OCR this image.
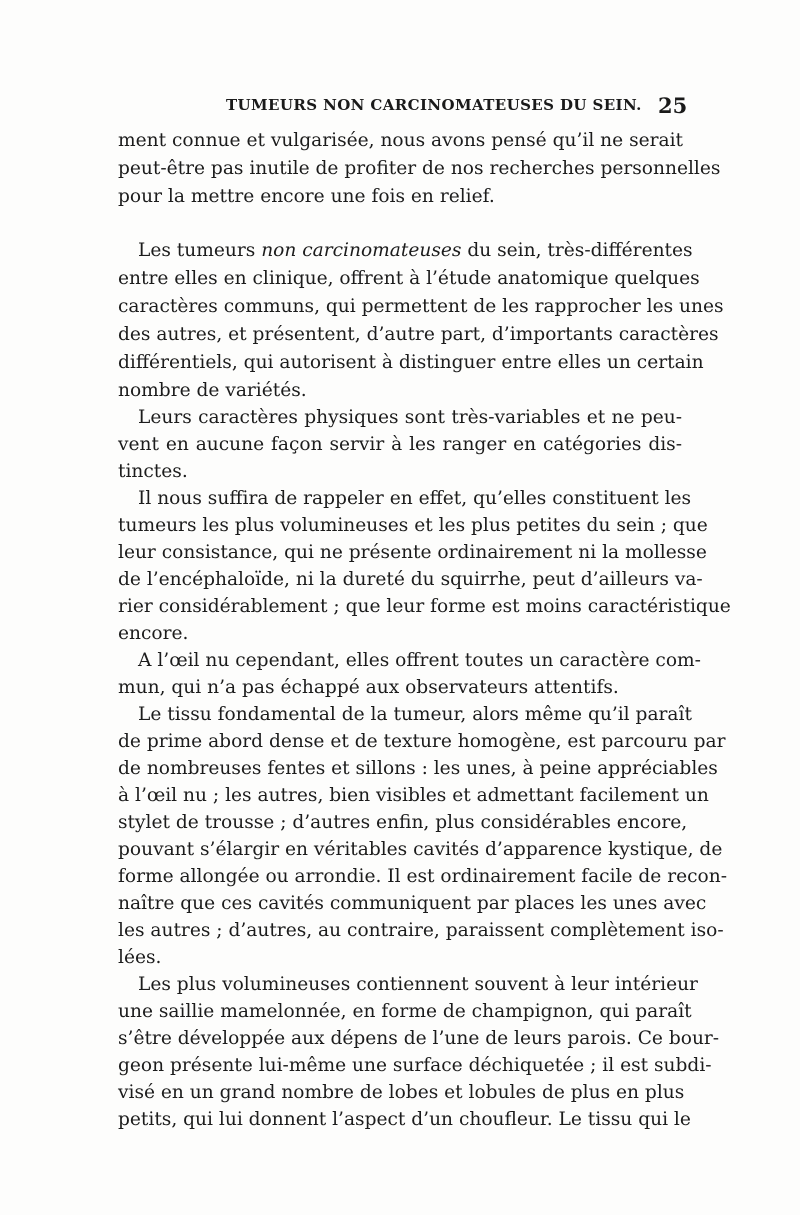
TUMEURS NON CARCINOMATEUSES DU SEIN. 25
ment connue et vulgarisée, nous avons pensé qu’il ne serait
peut-être pas inutile de profiter de nos recherches personnelles
pour la mettre encore une fois en relief.
Les tumeurs non carcinomateuses du sein, très-différentes
entre elles en clinique, offrent à l’étude anatomique quelques
caractères communs, qui permettent de les rapprocher les unes
des autres, et présentent, d’autre part, d’importants caractères
différentiels, qui autorisent à distinguer entre elles un certain
nombre de variétés.
Leurs caractères physiques sont très-variables et ne peu-
vent en aucune façon servir à les ranger en catégories dis-
tinctes.
Il nous suffira de rappeler en effet, qu’elles constituent les
tumeurs les plus volumineuses et les plus petites du sein ; que
leur consistance, qui ne présente ordinairement ni la mollesse
de l’encéphaloïde, ni la dureté du squirrhe, peut d’ailleurs va-
rier considérablement ; que leur forme est moins caractéristique
encore.
A l’œil nu cependant, elles offrent toutes un caractère com-
mun, qui n’a pas échappé aux observateurs attentifs.
Le tissu fondamental de la tumeur, alors même qu’il paraît
de prime abord dense et de texture homogène, est parcouru par
de nombreuses fentes et sillons : les unes, à peine appréciables
à l’œil nu ; les autres, bien visibles et admettant facilement un
stylet de trousse ; d’autres enfin, plus considérables encore,
pouvant s’élargir en véritables cavités d’apparence kystique, de
forme allongée ou arrondie. Il est ordinairement facile de recon-
naître que ces cavités communiquent par places les unes avec
les autres ; d’autres, au contraire, paraissent complètement iso-
lées.
Les plus volumineuses contiennent souvent à leur intérieur
une saillie mamelonnée, en forme de champignon, qui paraît
s’être développée aux dépens de l’une de leurs parois. Ce bour-
geon présente lui-même une surface déchiquetée ; il est subdi-
visé en un grand nombre de lobes et lobules de plus en plus
petits, qui lui donnent l’aspect d’un choufleur. Le tissu qui le
